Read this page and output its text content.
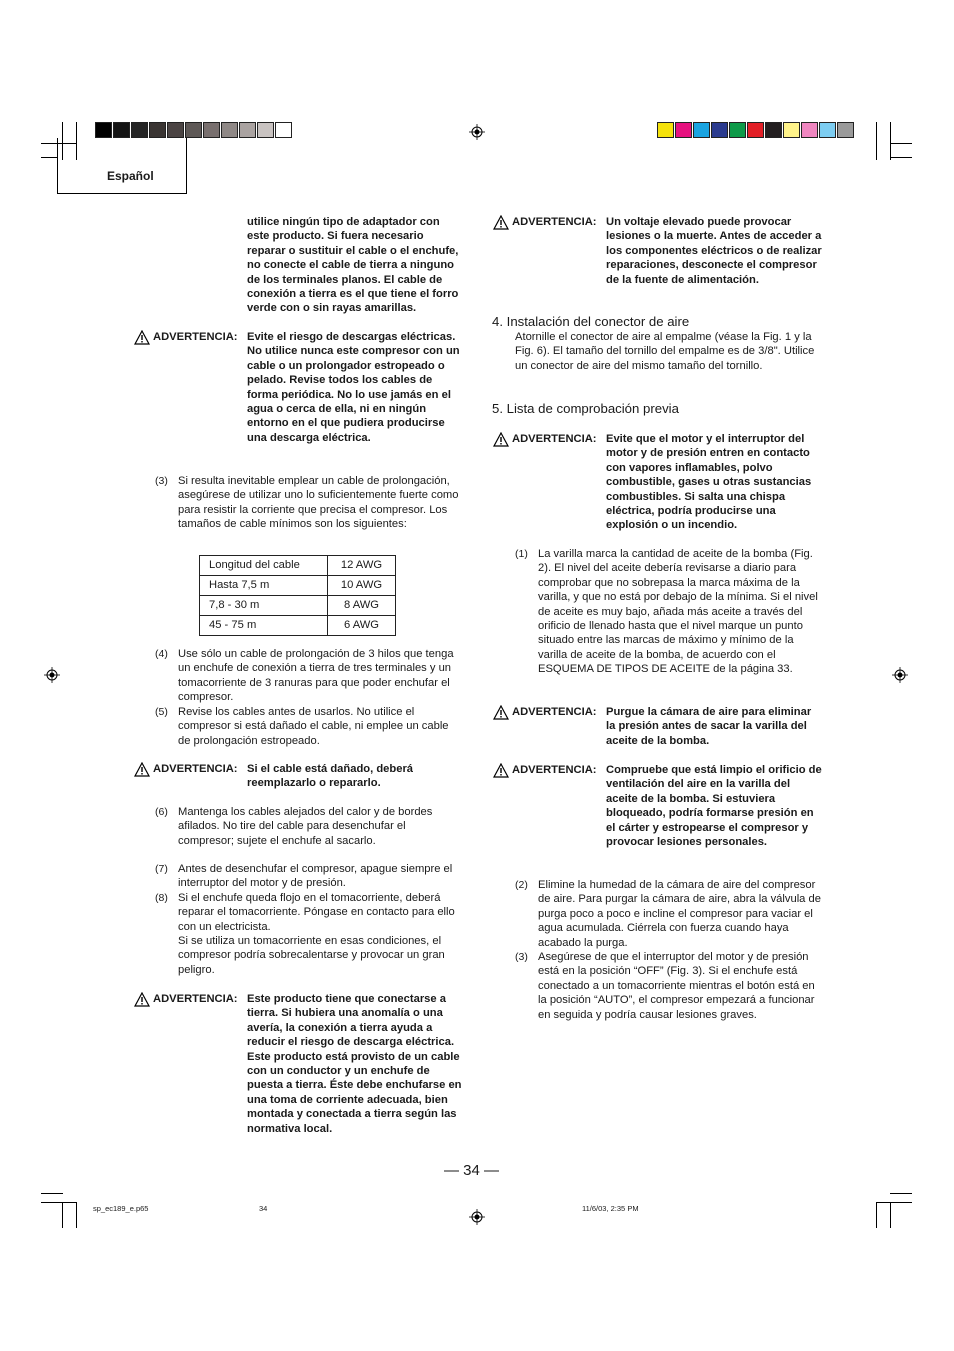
Español
utilice ningún tipo de adaptador con este producto. Si fuera necesario reparar o sustituir el cable o el enchufe, no conecte el cable de tierra a ninguno de los terminales planos. El cable de conexión a tierra es el que tiene el forro verde con o sin rayas amarillas.
ADVERTENCIA: Evite el riesgo de descargas eléctricas. No utilice nunca este compresor con un cable o un prolongador estropeado o pelado. Revise todos los cables de forma periódica. No lo use jamás en el agua o cerca de ella, ni en ningún entorno en el que pudiera producirse una descarga eléctrica.
(3) Si resulta inevitable emplear un cable de prolongación, asegúrese de utilizar uno lo suficientemente fuerte como para resistir la corriente que precisa el compresor. Los tamaños de cable mínimos son los siguientes:
Longitud del cable	12 AWG
Hasta 7,5 m	10 AWG
7,8 - 30 m	8 AWG
45 - 75 m	6 AWG
(4) Use sólo un cable de prolongación de 3 hilos que tenga un enchufe de conexión a tierra de tres terminales y un tomacorriente de 3 ranuras para que poder enchufar el compresor.
(5) Revise los cables antes de usarlos. No utilice el compresor si está dañado el cable, ni emplee un cable de prolongación estropeado.
ADVERTENCIA: Si el cable está dañado, deberá reemplazarlo o repararlo.
(6) Mantenga los cables alejados del calor y de bordes afilados. No tire del cable para desenchufar el compresor; sujete el enchufe al sacarlo.
(7) Antes de desenchufar el compresor, apague siempre el interruptor del motor y de presión.
(8) Si el enchufe queda flojo en el tomacorriente, deberá reparar el tomacorriente. Póngase en contacto para ello con un electricista.
Si se utiliza un tomacorriente en esas condiciones, el compresor podría sobrecalentarse y provocar un gran peligro.
ADVERTENCIA: Este producto tiene que conectarse a tierra. Si hubiera una anomalía o una avería, la conexión a tierra ayuda a reducir el riesgo de descarga eléctrica. Este producto está provisto de un cable con un conductor y un enchufe de puesta a tierra. Éste debe enchufarse en una toma de corriente adecuada, bien montada y conectada a tierra según las normativa local.
ADVERTENCIA: Un voltaje elevado puede provocar lesiones o la muerte. Antes de acceder a los componentes eléctricos o de realizar reparaciones, desconecte el compresor de la fuente de alimentación.
4. Instalación del conector de aire
Atornille el conector de aire al empalme (véase la Fig. 1 y la Fig. 6). El tamaño del tornillo del empalme es de 3/8". Utilice un conector de aire del mismo tamaño del tornillo.
5. Lista de comprobación previa
ADVERTENCIA: Evite que el motor y el interruptor del motor y de presión entren en contacto con vapores inflamables, polvo combustible, gases u otras sustancias combustibles. Si salta una chispa eléctrica, podría producirse una explosión o un incendio.
(1) La varilla marca la cantidad de aceite de la bomba (Fig. 2). El nivel del aceite debería revisarse a diario para comprobar que no sobrepasa la marca máxima de la varilla, y que no está por debajo de la mínima. Si el nivel de aceite es muy bajo, añada más aceite a través del orificio de llenado hasta que el nivel marque un punto situado entre las marcas de máximo y mínimo de la varilla de aceite de la bomba, de acuerdo con el ESQUEMA DE TIPOS DE ACEITE de la página 33.
ADVERTENCIA: Purgue la cámara de aire para eliminar la presión antes de sacar la varilla del aceite de la bomba.
ADVERTENCIA: Compruebe que está limpio el orificio de ventilación del aire en la varilla del aceite de la bomba. Si estuviera bloqueado, podría formarse presión en el cárter y estropearse el compresor y provocar lesiones personales.
(2) Elimine la humedad de la cámara de aire del compresor de aire. Para purgar la cámara de aire, abra la válvula de purga poco a poco e incline el compresor para vaciar el agua acumulada. Ciérrela con fuerza cuando haya acabado la purga.
(3) Asegúrese de que el interruptor del motor y de presión está en la posición “OFF” (Fig. 3). Si el enchufe está conectado a un tomacorriente mientras el botón está en la posición “AUTO”, el compresor empezará a funcionar en seguida y podría causar lesiones graves.
— 34 —
sp_ec189_e.p65	34	11/6/03, 2:35 PM
